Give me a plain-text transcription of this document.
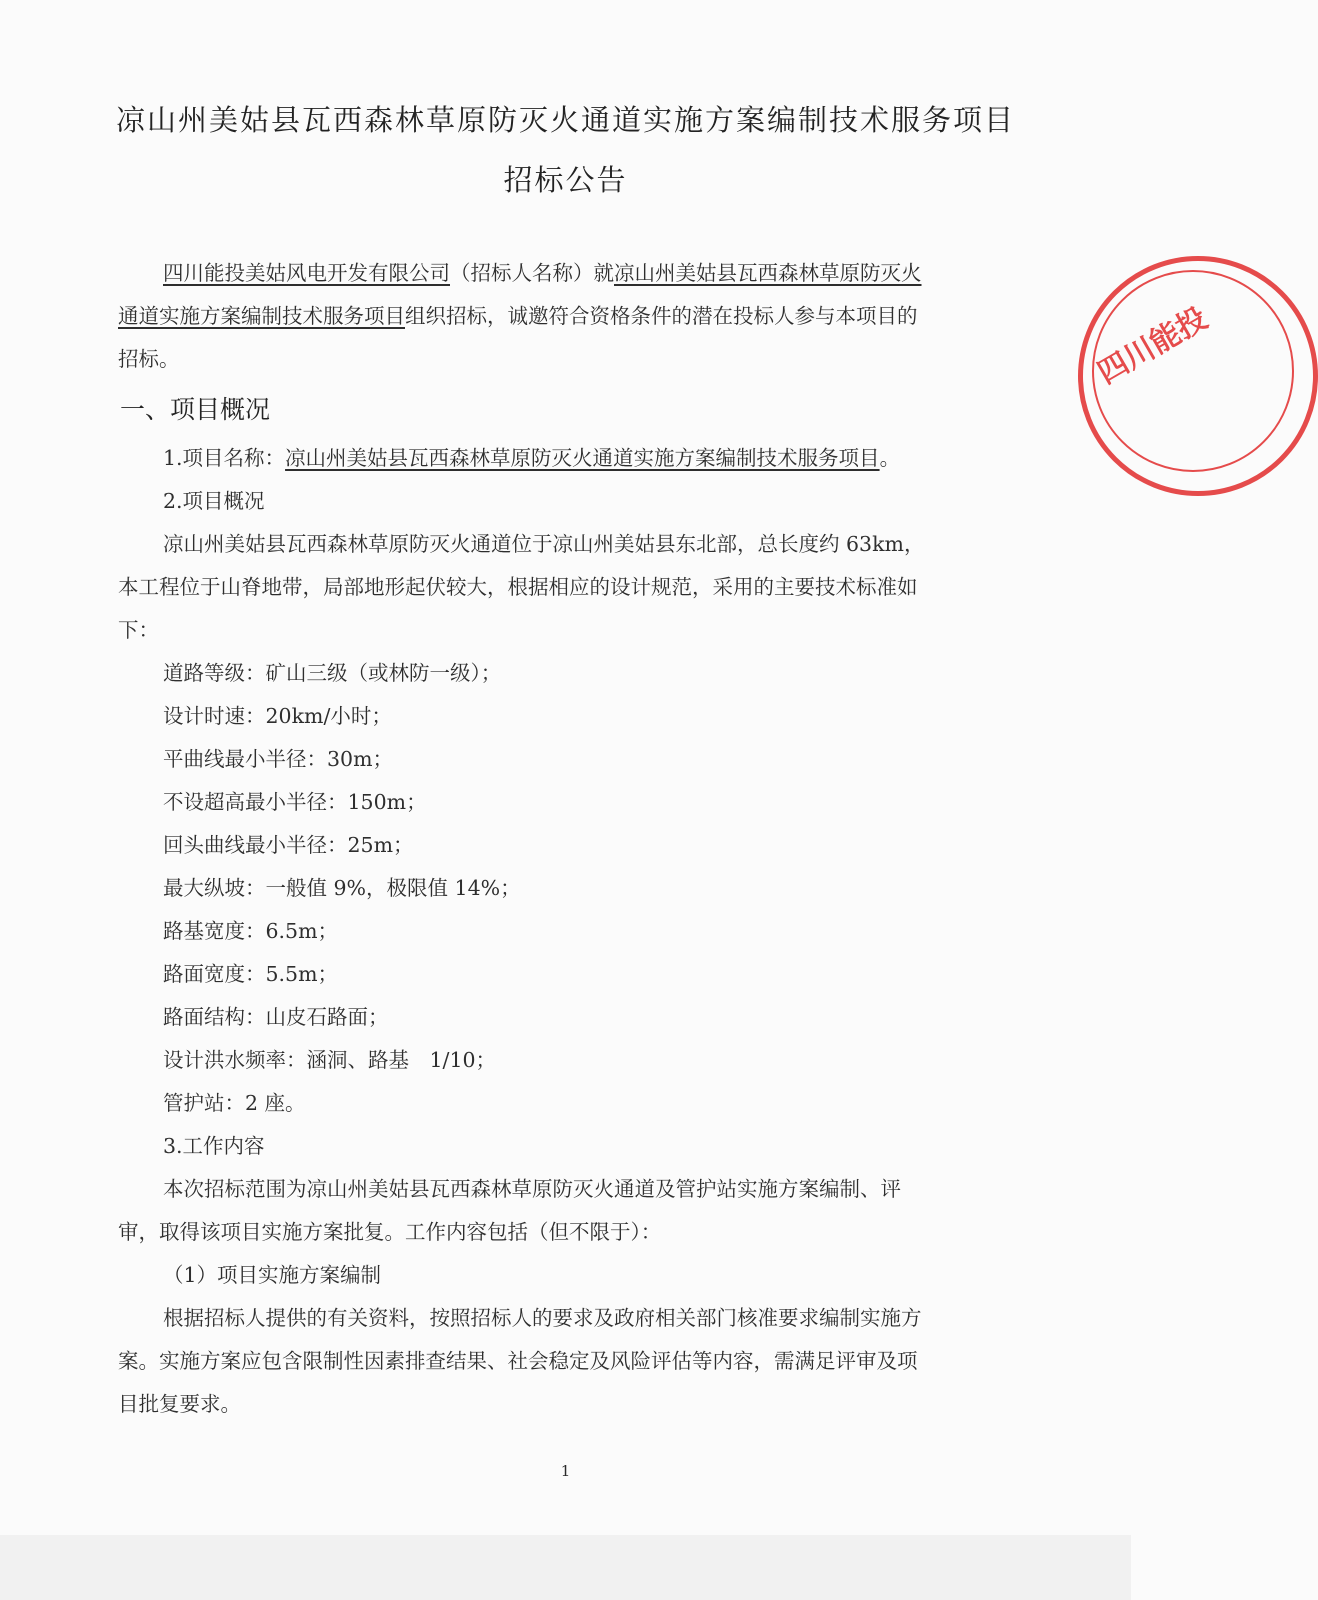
凉山州美姑县瓦西森林草原防灭火通道实施方案编制技术服务项目
招标公告
四川能投美姑风电开发有限公司（招标人名称）就凉山州美姑县瓦西森林草原防灭火
通道实施方案编制技术服务项目组织招标，诚邀符合资格条件的潜在投标人参与本项目的
招标。
一、项目概况
1.项目名称：凉山州美姑县瓦西森林草原防灭火通道实施方案编制技术服务项目。
2.项目概况
凉山州美姑县瓦西森林草原防灭火通道位于凉山州美姑县东北部，总长度约 63km，
本工程位于山脊地带，局部地形起伏较大，根据相应的设计规范，采用的主要技术标准如
下：
道路等级：矿山三级（或林防一级）；
设计时速：20km/小时；
平曲线最小半径：30m；
不设超高最小半径：150m；
回头曲线最小半径：25m；
最大纵坡：一般值 9%，极限值 14%；
路基宽度：6.5m；
路面宽度：5.5m；
路面结构：山皮石路面；
设计洪水频率：涵洞、路基　1/10；
管护站：2 座。
3.工作内容
本次招标范围为凉山州美姑县瓦西森林草原防灭火通道及管护站实施方案编制、评
审，取得该项目实施方案批复。工作内容包括（但不限于）：
（1）项目实施方案编制
根据招标人提供的有关资料，按照招标人的要求及政府相关部门核准要求编制实施方
案。实施方案应包含限制性因素排查结果、社会稳定及风险评估等内容，需满足评审及项
目批复要求。
1
四川能投
